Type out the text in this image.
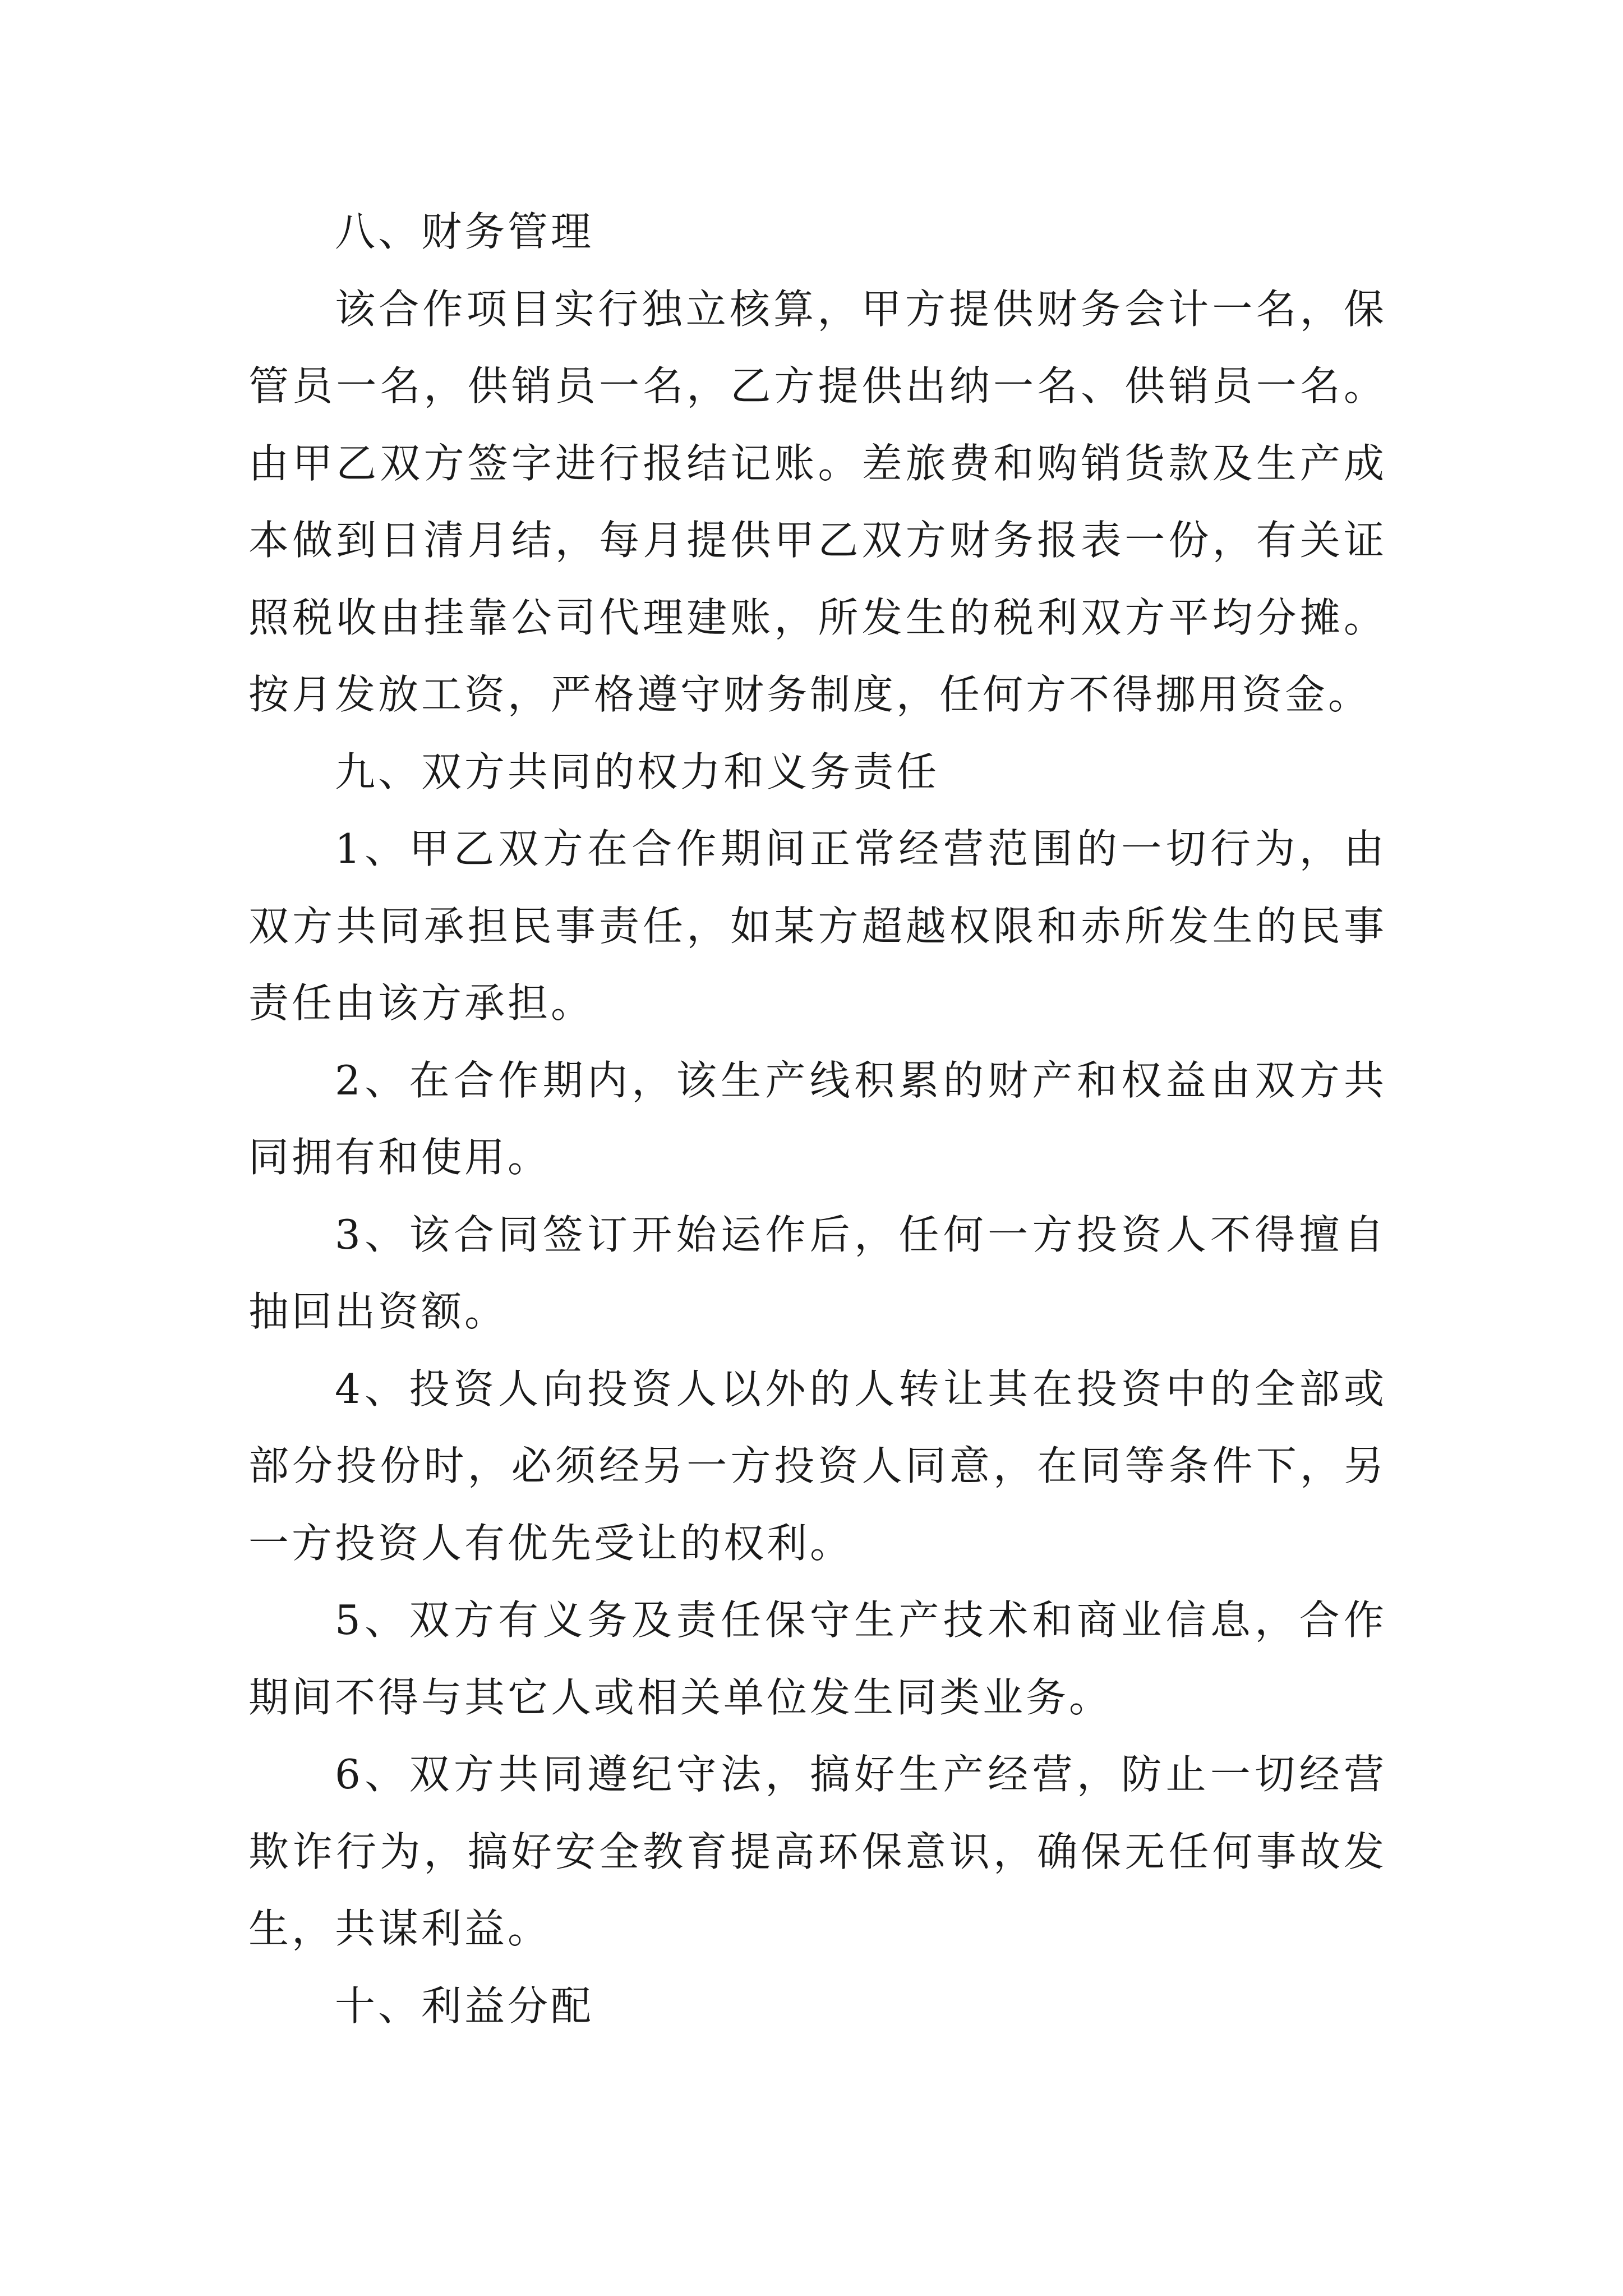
八、财务管理

该合作项目实行独立核算，甲方提供财务会计一名，保管员一名，供销员一名，乙方提供出纳一名、供销员一名。由甲乙双方签字进行报结记账。差旅费和购销货款及生产成本做到日清月结，每月提供甲乙双方财务报表一份，有关证照税收由挂靠公司代理建账，所发生的税利双方平均分摊。按月发放工资，严格遵守财务制度，任何方不得挪用资金。

九、双方共同的权力和义务责任

1、甲乙双方在合作期间正常经营范围的一切行为，由双方共同承担民事责任，如某方超越权限和赤所发生的民事责任由该方承担。

2、在合作期内，该生产线积累的财产和权益由双方共同拥有和使用。

3、该合同签订开始运作后，任何一方投资人不得擅自抽回出资额。

4、投资人向投资人以外的人转让其在投资中的全部或部分投份时，必须经另一方投资人同意，在同等条件下，另一方投资人有优先受让的权利。

5、双方有义务及责任保守生产技术和商业信息，合作期间不得与其它人或相关单位发生同类业务。

6、双方共同遵纪守法，搞好生产经营，防止一切经营欺诈行为，搞好安全教育提高环保意识，确保无任何事故发生，共谋利益。

十、利益分配
